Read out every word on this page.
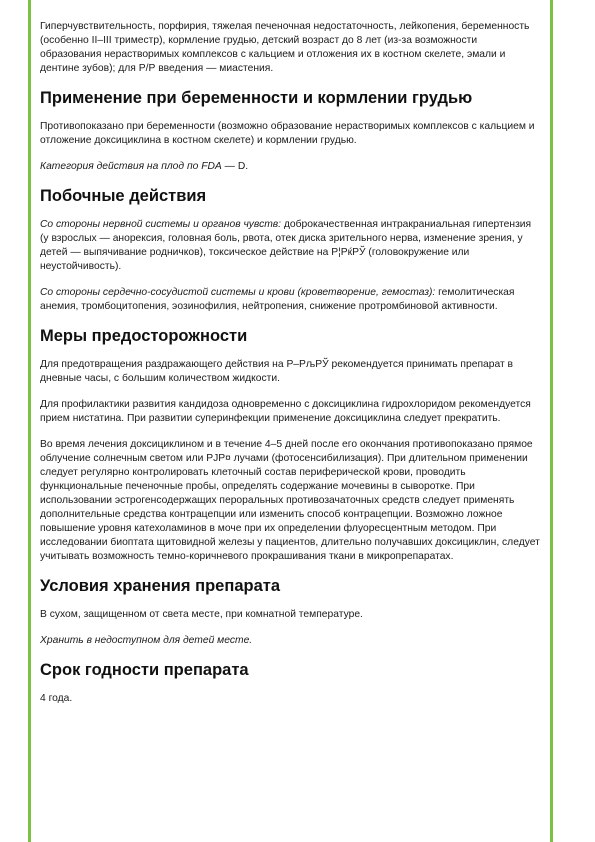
Гиперчувствительность, порфирия, тяжелая печеночная недостаточность, лейкопения, беременность (особенно II–III триместр), кормление грудью, детский возраст до 8 лет (из-за возможности образования нерастворимых комплексов с кальцием и отложения их в костном скелете, эмали и дентине зубов); для Р/Р введения — миастения.

Применение при беременности и кормлении грудью

Противопоказано при беременности (возможно образование нерастворимых комплексов с кальцием и отложение доксициклина в костном скелете) и кормлении грудью.

Категория действия на плод по FDA — D.

Побочные действия

Со стороны нервной системы и органов чувств: доброкачественная интракраниальная гипертензия (у взрослых — анорексия, головная боль, рвота, отек диска зрительного нерва, изменение зрения, у детей — выпячивание родничков), токсическое действие на Р¦РќРЎ (головокружение или неустойчивость).

Со стороны сердечно-сосудистой системы и крови (кроветворение, гемостаз): гемолитическая анемия, тромбоцитопения, эозинофилия, нейтропения, снижение протромбиновой активности.

Меры предосторожности

Для предотвращения раздражающего действия на Р–РљРЎ рекомендуется принимать препарат в дневные часы, с большим количеством жидкости.

Для профилактики развития кандидоза одновременно с доксициклина гидрохлоридом рекомендуется прием нистатина. При развитии суперинфекции применение доксициклина следует прекратить.

Во время лечения доксициклином и в течение 4–5 дней после его окончания противопоказано прямое облучение солнечным светом или РЈР¤ лучами (фотосенсибилизация). При длительном применении следует регулярно контролировать клеточный состав периферической крови, проводить функциональные печеночные пробы, определять содержание мочевины в сыворотке. При использовании эстрогенсодержащих пероральных противозачаточных средств следует применять дополнительные средства контрацепции или изменить способ контрацепции. Возможно ложное повышение уровня катехоламинов в моче при их определении флуоресцентным методом. При исследовании биоптата щитовидной железы у пациентов, длительно получавших доксициклин, следует учитывать возможность темно-коричневого прокрашивания ткани в микропрепаратах.

Условия хранения препарата

В сухом, защищенном от света месте, при комнатной температуре.

Хранить в недоступном для детей месте.

Срок годности препарата

4 года.
